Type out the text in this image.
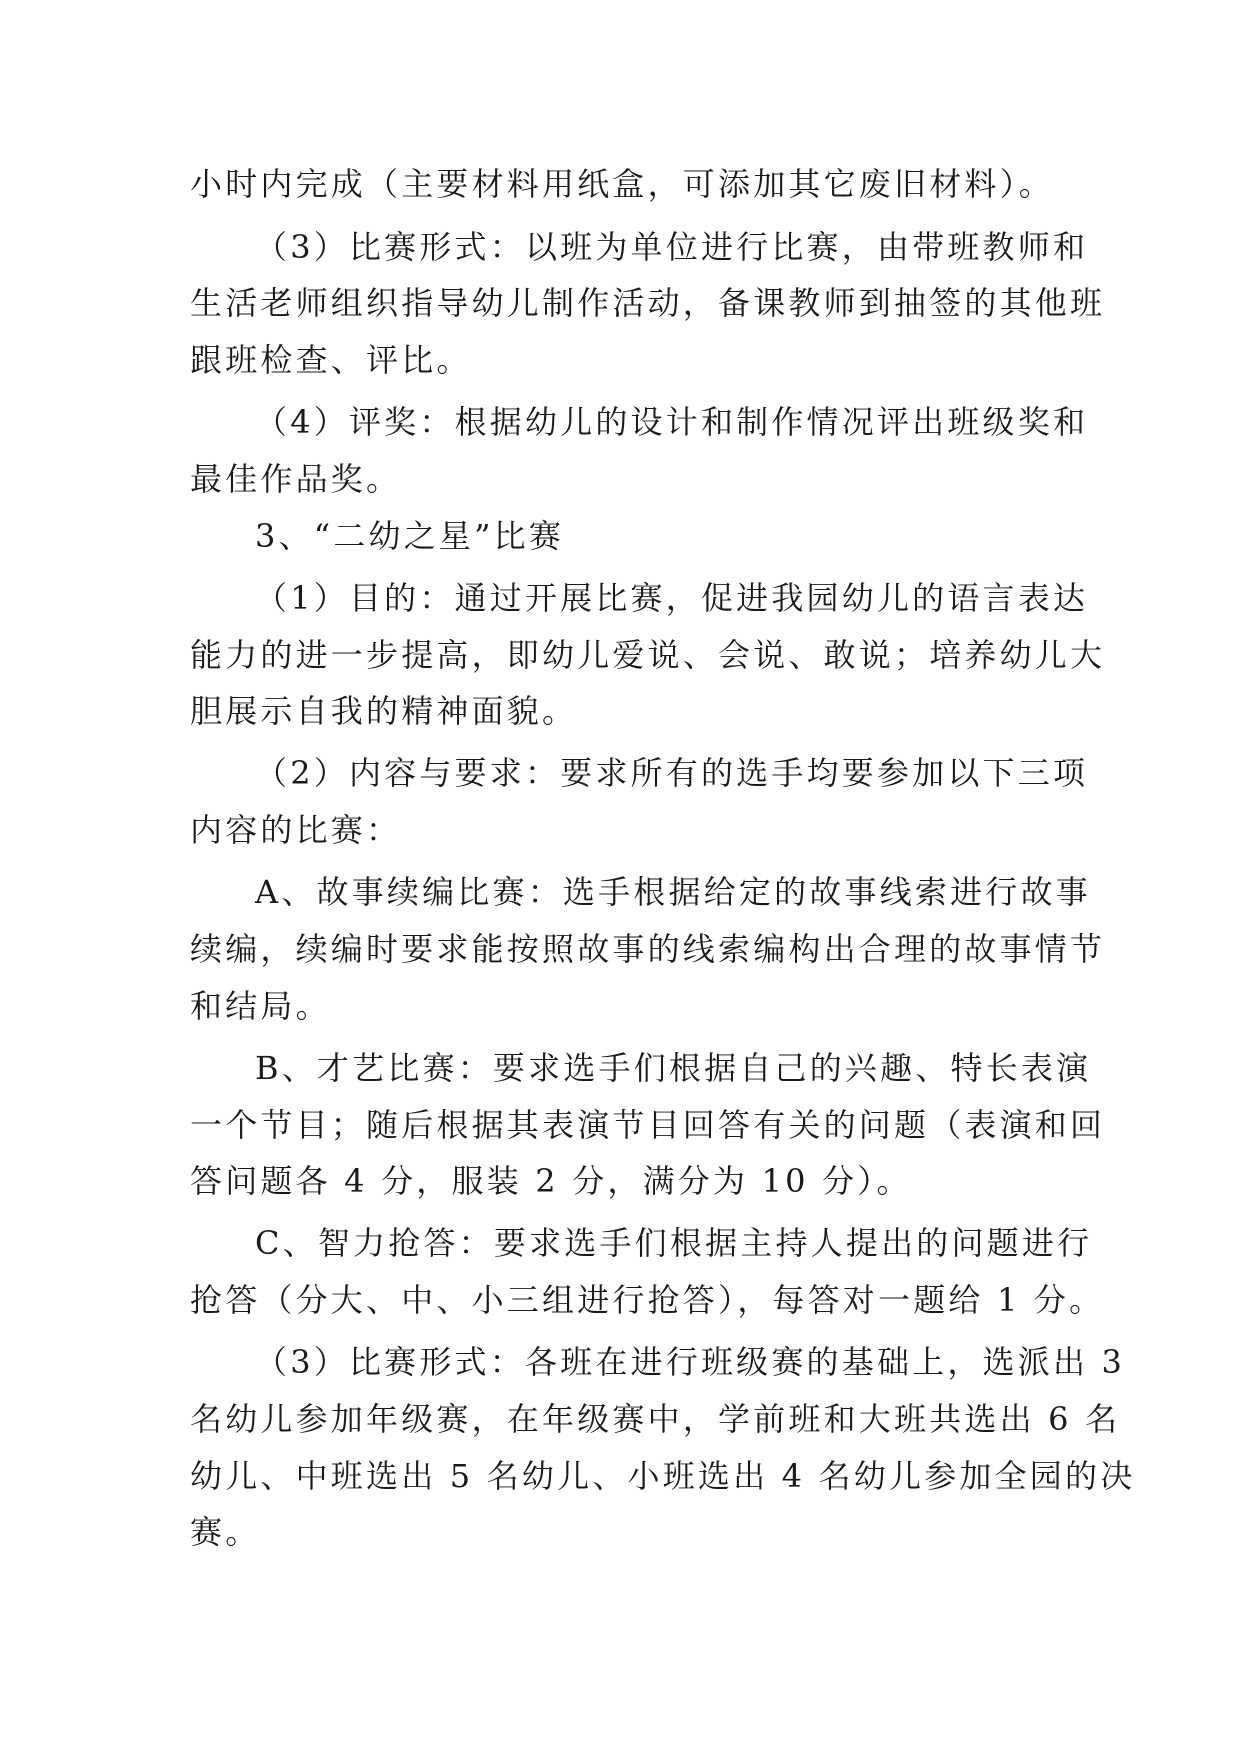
小时内完成（主要材料用纸盒，可添加其它废旧材料）。
（3）比赛形式：以班为单位进行比赛，由带班教师和
生活老师组织指导幼儿制作活动，备课教师到抽签的其他班
跟班检查、评比。
（4）评奖：根据幼儿的设计和制作情况评出班级奖和
最佳作品奖。
3、“二幼之星”比赛
（1）目的：通过开展比赛，促进我园幼儿的语言表达
能力的进一步提高，即幼儿爱说、会说、敢说；培养幼儿大
胆展示自我的精神面貌。
（2）内容与要求：要求所有的选手均要参加以下三项
内容的比赛：
A、故事续编比赛：选手根据给定的故事线索进行故事
续编，续编时要求能按照故事的线索编构出合理的故事情节
和结局。
B、才艺比赛：要求选手们根据自己的兴趣、特长表演
一个节目；随后根据其表演节目回答有关的问题（表演和回
答问题各 4 分，服装 2 分，满分为 10 分）。
C、智力抢答：要求选手们根据主持人提出的问题进行
抢答（分大、中、小三组进行抢答），每答对一题给 1 分。
（3）比赛形式：各班在进行班级赛的基础上，选派出 3
名幼儿参加年级赛，在年级赛中，学前班和大班共选出 6 名
幼儿、中班选出 5 名幼儿、小班选出 4 名幼儿参加全园的决
赛。
